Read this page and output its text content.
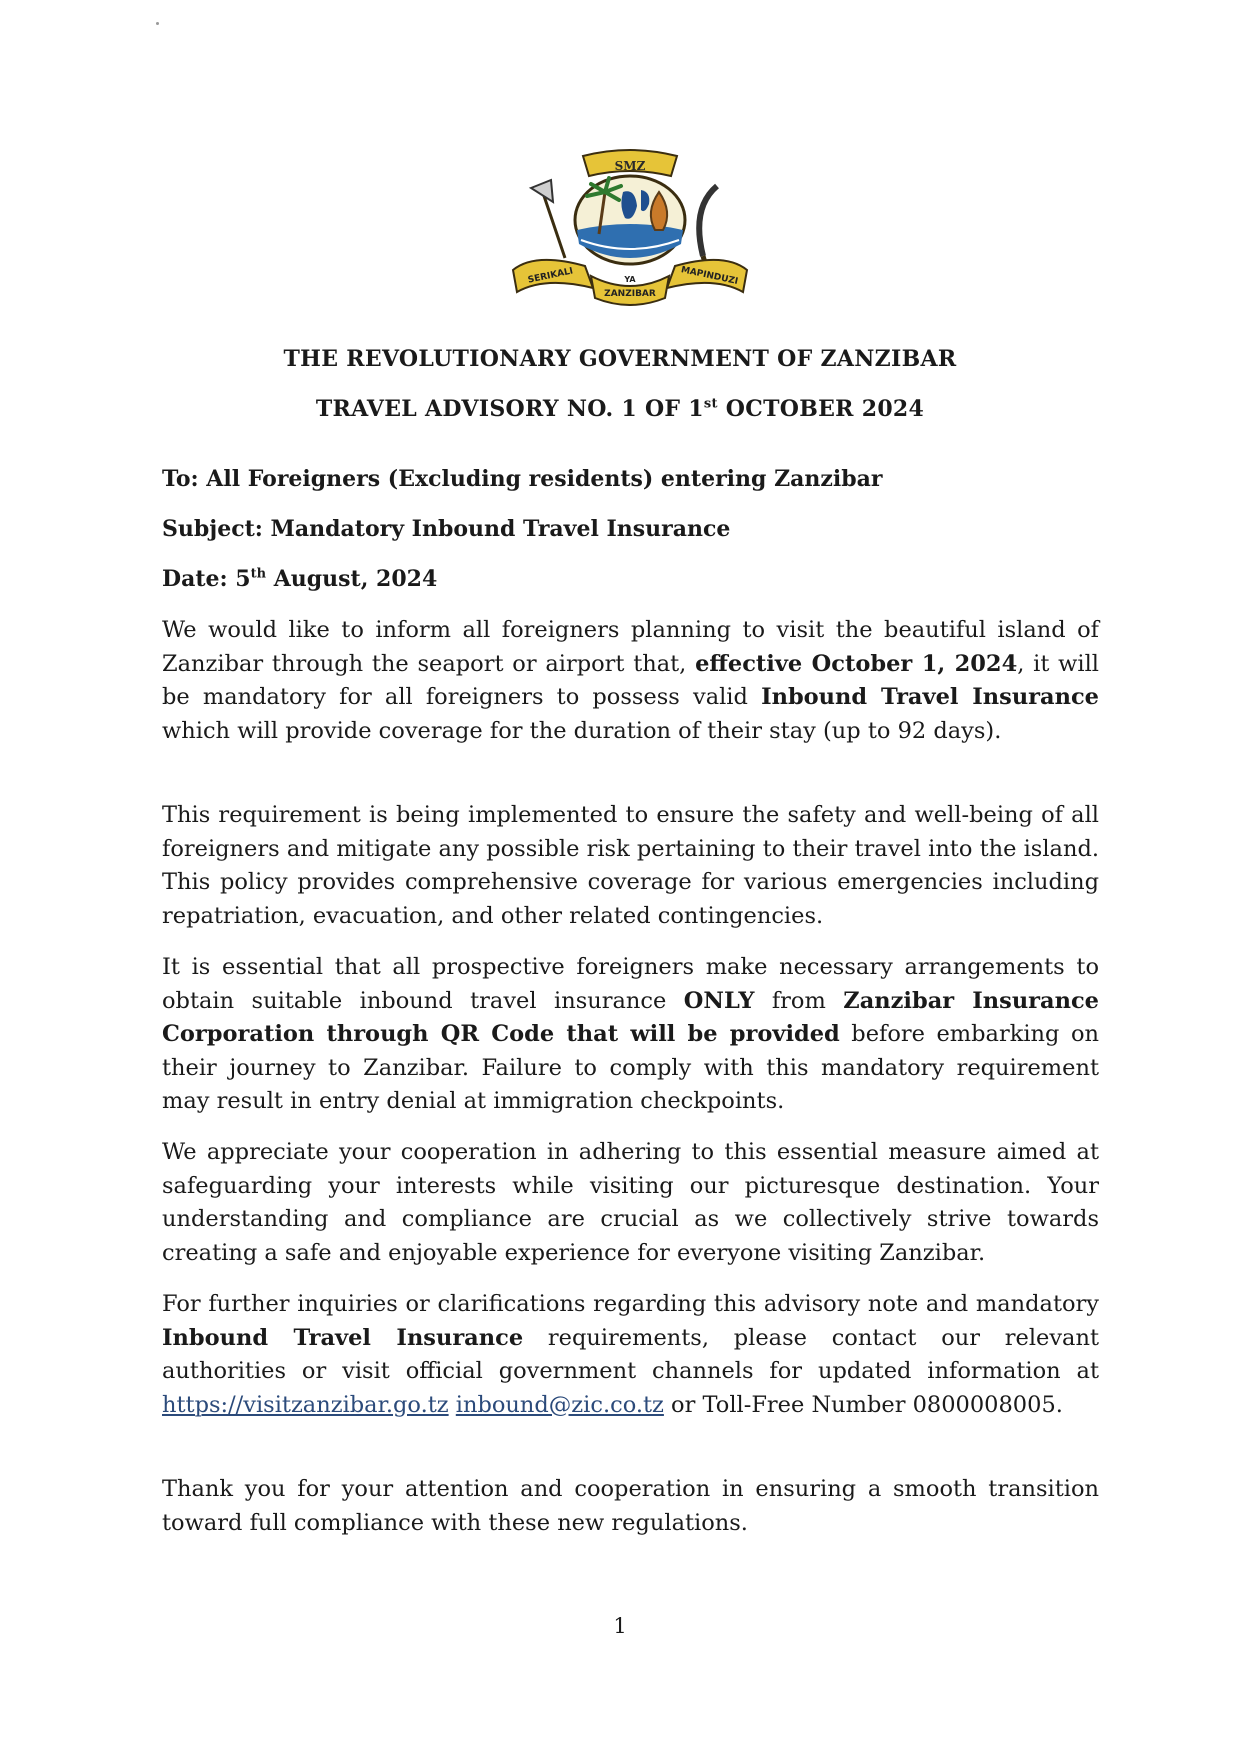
SMZ
SERIKALI	YA
ZANZIBAR
MAPINDUZI
THE REVOLUTIONARY GOVERNMENT OF ZANZIBAR
TRAVEL ADVISORY NO. 1 OF 1st OCTOBER 2024
To: All Foreigners (Excluding residents) entering Zanzibar
Subject: Mandatory Inbound Travel Insurance
Date: 5th August, 2024
We would like to inform all foreigners planning to visit the beautiful island of Zanzibar through the seaport or airport that, effective October 1, 2024, it will be mandatory for all foreigners to possess valid Inbound Travel Insurance which will provide coverage for the duration of their stay (up to 92 days).
This requirement is being implemented to ensure the safety and well-being of all foreigners and mitigate any possible risk pertaining to their travel into the island. This policy provides comprehensive coverage for various emergencies including repatriation, evacuation, and other related contingencies.
It is essential that all prospective foreigners make necessary arrangements to obtain suitable inbound travel insurance ONLY from Zanzibar Insurance Corporation through QR Code that will be provided before embarking on their journey to Zanzibar. Failure to comply with this mandatory requirement may result in entry denial at immigration checkpoints.
We appreciate your cooperation in adhering to this essential measure aimed at safeguarding your interests while visiting our picturesque destination. Your understanding and compliance are crucial as we collectively strive towards creating a safe and enjoyable experience for everyone visiting Zanzibar.
For further inquiries or clarifications regarding this advisory note and mandatory Inbound Travel Insurance requirements, please contact our relevant authorities or visit official government channels for updated information at https://visitzanzibar.go.tz inbound@zic.co.tz or Toll-Free Number 0800008005.
Thank you for your attention and cooperation in ensuring a smooth transition toward full compliance with these new regulations.
1
